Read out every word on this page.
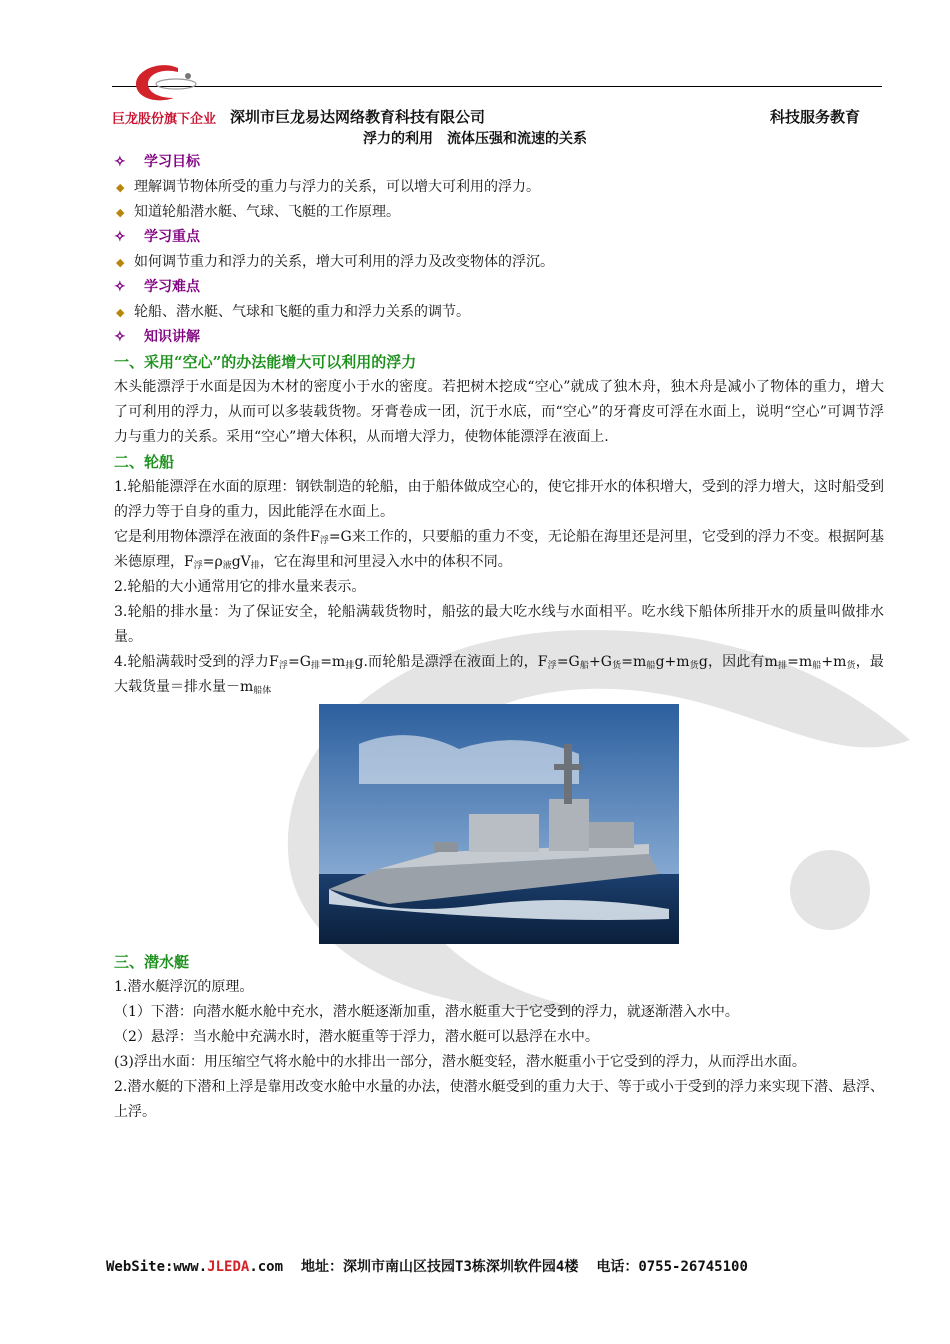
巨龙股份旗下企业 深圳市巨龙易达网络教育科技有限公司	科技服务教育
浮力的利用　流体压强和流速的关系
✧ 学习目标
◆ 理解调节物体所受的重力与浮力的关系，可以增大可利用的浮力。
◆ 知道轮船潜水艇、气球、飞艇的工作原理。
✧ 学习重点
◆ 如何调节重力和浮力的关系，增大可利用的浮力及改变物体的浮沉。
✧ 学习难点
◆ 轮船、潜水艇、气球和飞艇的重力和浮力关系的调节。
✧ 知识讲解
一、采用“空心”的办法能增大可以利用的浮力

木头能漂浮于水面是因为木材的密度小于水的密度。若把树木挖成“空心”就成了独木舟，独木舟是减小了物体的重力，增大了可利用的浮力，从而可以多装载货物。牙膏卷成一团，沉于水底，而“空心”的牙膏皮可浮在水面上，说明“空心”可调节浮力与重力的关系。采用“空心”增大体积，从而增大浮力，使物体能漂浮在液面上.

二、轮船

1.轮船能漂浮在水面的原理：钢铁制造的轮船，由于船体做成空心的，使它排开水的体积增大，受到的浮力增大，这时船受到的浮力等于自身的重力，因此能浮在水面上。

它是利用物体漂浮在液面的条件$F_浮=G$来工作的，只要船的重力不变，无论船在海里还是河里，它受到的浮力不变。根据阿基米德原理，$F_浮=\rho_液gV_排$，它在海里和河里浸入水中的体积不同。

2.轮船的大小通常用它的排水量来表示。

3.轮船的排水量：为了保证安全，轮船满载货物时，船弦的最大吃水线与水面相平。吃水线下船体所排开水的质量叫做排水量。

4.轮船满载时受到的浮力$F_浮=G_排=m_排g$.而轮船是漂浮在液面上的，$F_浮=G_船+G_货=m_船g+m_货g$，因此有$m_排=m_船+m_货$，最大载货量＝排水量$-m_{船体}$

三、潜水艇

1.潜水艇浮沉的原理。

（1）下潜：向潜水艇水舱中充水，潜水艇逐渐加重，潜水艇重大于它受到的浮力，就逐渐潜入水中。

（2）悬浮：当水舱中充满水时，潜水艇重等于浮力，潜水艇可以悬浮在水中。

(3)浮出水面：用压缩空气将水舱中的水排出一部分，潜水艇变轻，潜水艇重小于它受到的浮力，从而浮出水面。

2.潜水艇的下潜和上浮是靠用改变水舱中水量的办法，使潜水艇受到的重力大于、等于或小于受到的浮力来实现下潜、悬浮、上浮。

WebSite:www.JLEDA.com 地址：深圳市南山区技园T3栋深圳软件园4楼 电话：0755-26745100
